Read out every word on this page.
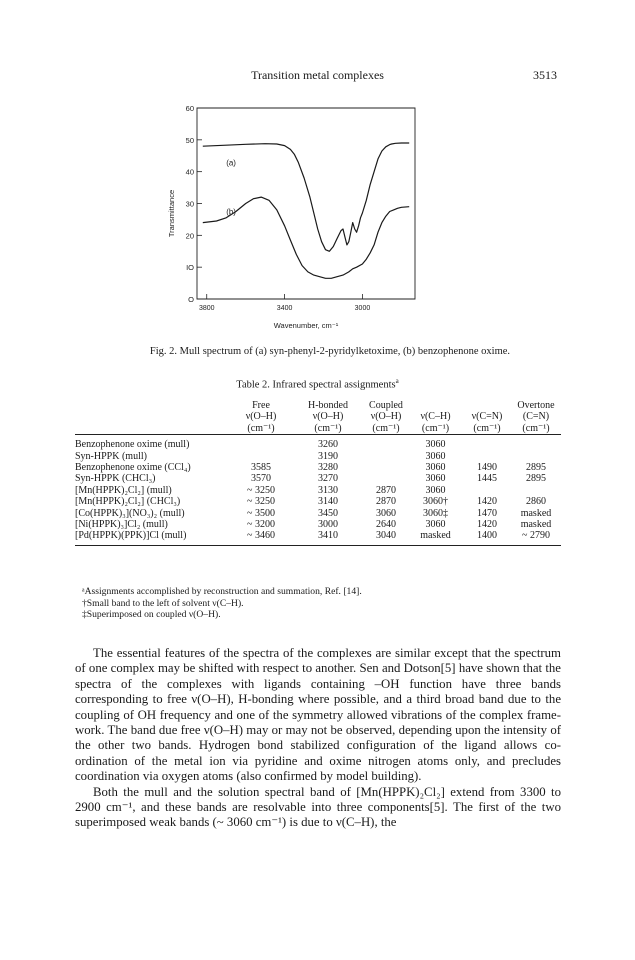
Transition metal complexes	3513
O
IO
20
30
40
50
60
3800	3400	3000
Wavenumber, cm⁻¹
Transmittance
(a)
(b)
Fig. 2. Mull spectrum of (a) syn-phenyl-2-pyridylketoxime, (b) benzophenone oxime.
Table 2. Infrared spectral assignments$^a$
	Free	H-bonded	Coupled			Overtone
	ν(O–H)	ν(O–H)	ν(O–H)	ν(C–H)	ν(C=N)	(C=N)
	(cm⁻¹)	(cm⁻¹)	(cm⁻¹)	(cm⁻¹)	(cm⁻¹)	(cm⁻¹)

Benzophenone oxime (mull)		3260		3060		
Syn-HPPK (mull)		3190		3060		
Benzophenone oxime (CCl₄)	3585	3280		3060	1490	2895
Syn-HPPK (CHCl₃)	3570	3270		3060	1445	2895
[Mn(HPPK)₂Cl₂] (mull)	~ 3250	3130	2870	3060		
[Mn(HPPK)₂Cl₂] (CHCl₃)	~ 3250	3140	2870	3060†	1420	2860
[Co(HPPK)₃](NO₃)₂ (mull)	~ 3500	3450	3060	3060‡	1470	masked
[Ni(HPPK)₃]Cl₂ (mull)	~ 3200	3000	2640	3060	1420	masked
[Pd(HPPK)(PPK)]Cl (mull)	~ 3460	3410	3040	masked	1400	~ 2790

ᵃAssignments accomplished by reconstruction and summation, Ref. [14].
†Small band to the left of solvent ν(C–H).
‡Superimposed on coupled ν(O–H).

The essential features of the spectra of the complexes are similar except that the spectrum of one complex may be shifted with respect to another. Sen and Dotson[5] have shown that the spectra of the complexes with ligands containing –OH function have three bands corresponding to free ν(O–H), H-bonding where possible, and a third broad band due to the coupling of OH frequency and one of the symmetry allowed vibrations of the complex frame-work. The band due free ν(O–H) may or may not be observed, depending upon the intensity of the other two bands. Hydrogen bond stabilized configuration of the ligand allows co-ordination of the metal ion via pyridine and oxime nitrogen atoms only, and precludes coordination via oxygen atoms (also confirmed by model building).

Both the mull and the solution spectral band of [Mn(HPPK)₂Cl₂] extend from 3300 to 2900 cm⁻¹, and these bands are resolvable into three components[5]. The first of the two superimposed weak bands (~ 3060 cm⁻¹) is due to ν(C–H), the
